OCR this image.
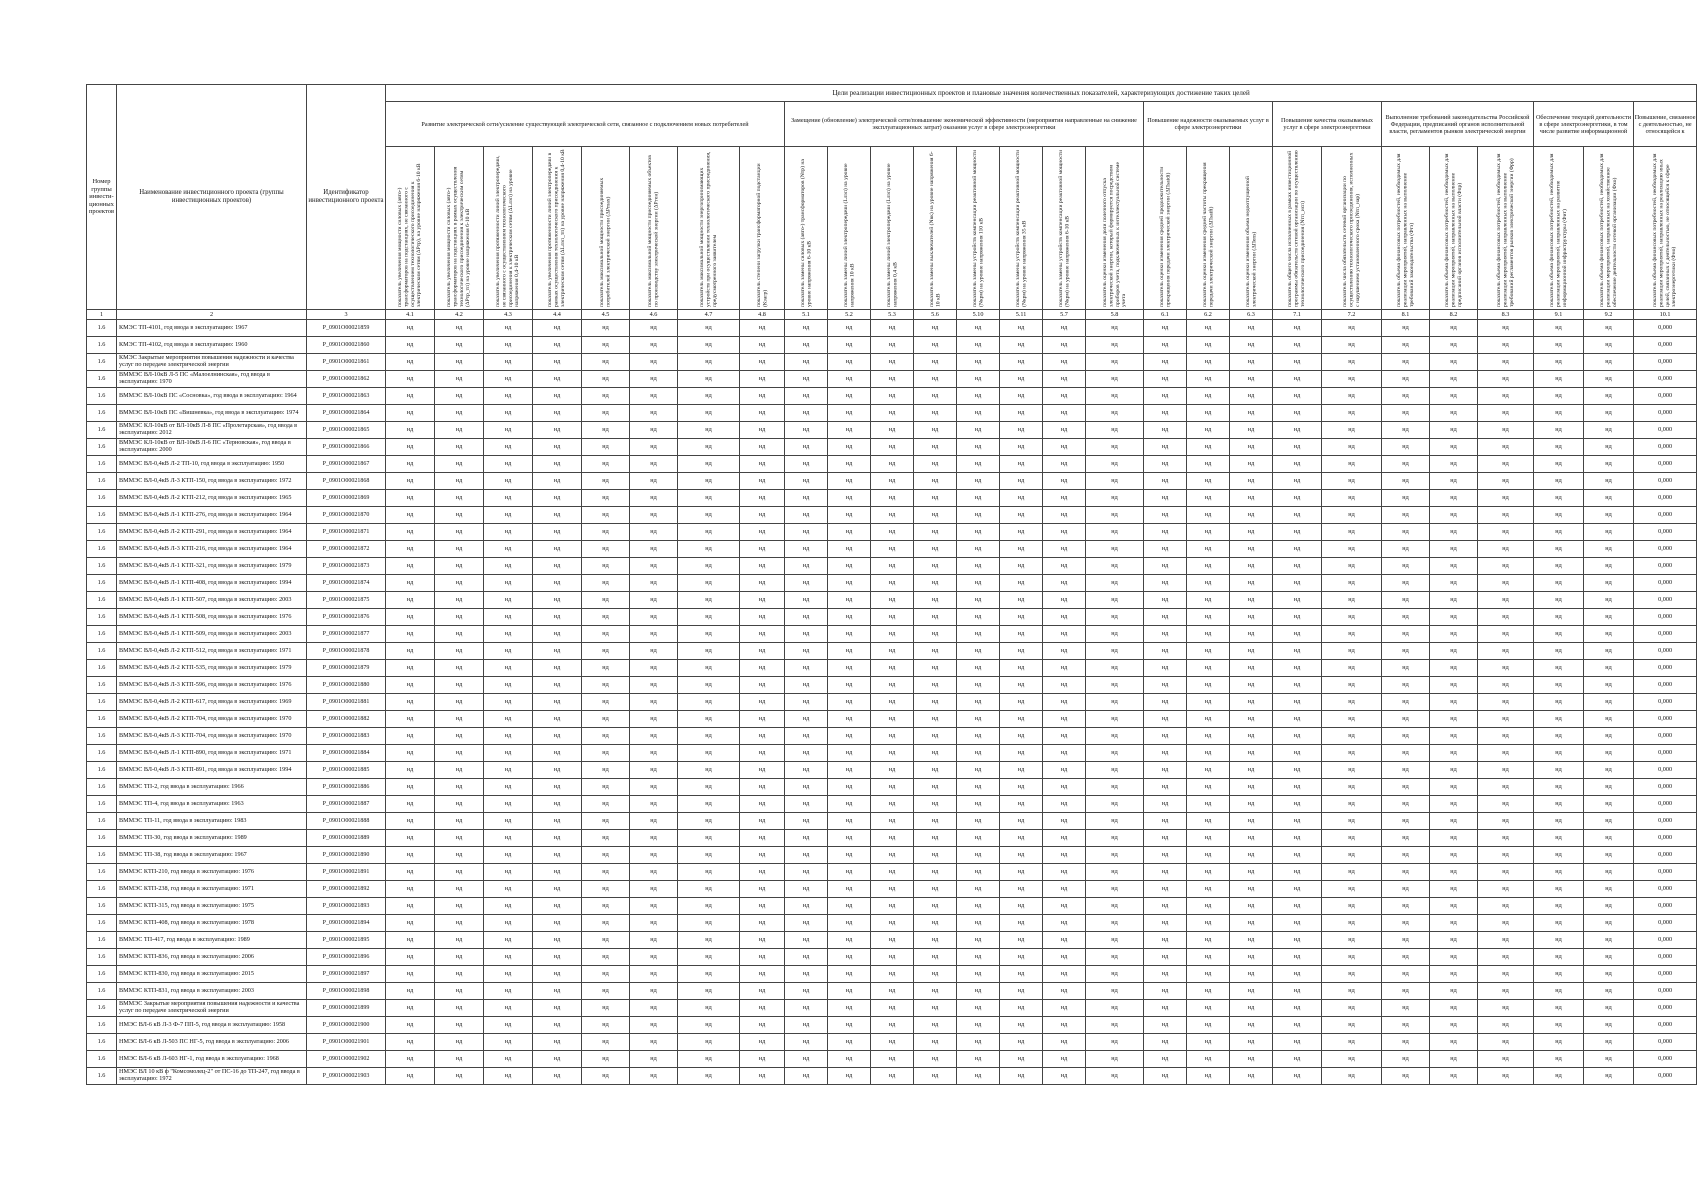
Номер группы инвести-ционных проектов	Наименование инвестиционного проекта (группы инвестиционных проектов)	Идентификатор инвестиционного проекта	Цели реализации инвестиционных проектов и плановые значения количественных показателей, характеризующих достижение таких целей																										
			Развитие электрической сети/усиление существующей электрической сети, связанное с подключением новых потребителей								Замещение (обновление) электрической сети/повышение экономической эффективности (мероприятия направленные на снижение эксплуатационных затрат) оказания услуг в сфере электроэнергетики								Повышение надежности оказываемых услуг в сфере электроэнергетики			Повышение качества оказываемых услуг в сфере электроэнергетики		Выполнение требований законодательства Российской Федерации, предписаний органов исполнительной власти, регламентов рынков электрической энергии			Обеспечение текущей деятельности в сфере электроэнергетики, в том числе развитие информационной		Повышение, связанное с деятельностью, не относящейся к
			показатель увеличения мощности силовых (авто-) трансформаторов на подстанциях, не связанного с осуществлением технологического присоединения к электрическим сетям (ΔPтр), на уровне напряжения 6-10 кВ	показатель увеличения мощности силовых (авто-) трансформаторов на подстанциях в рамках осуществления технологического присоединения к электрическим сетям (ΔPтр_тп) на уровне напряжения 6-10 кВ	показатель увеличения протяженности линий электропередачи, не связанного с осуществлением технологического присоединения к электрическим сетям (ΔLлэп) на уровне напряжения 0,4-10 кВ	показатель увеличения протяженности линий электропередачи в рамках осуществления технологического присоединения к электрическим сетям (ΔLлэп_тп) на уровне напряжения 0,4-10 кВ	показатель максимальной мощности присоединяемых потребителей электрической энергии (ΔPmax)	показатель максимальной мощности присоединяемых объектов по производству электрической энергии (ΔPген)	показатель максимальной мощности энергопринимающих устройств при осуществлении технологического присоединения, предусмотренного заявителем	показатель степени загрузки трансформаторной подстанции (Кзагр)	показатель замены силовых (авто-) трансформаторов (Nтр) на уровне напряжения 6-10 кВ	показатель замены линий электропередачи (Lлэп) на уровне напряжения 10 кВ	показатель замены линий электропередачи (Lлэп) на уровне напряжения 0,4 кВ	показатель замены выключателей (Nвк) на уровне напряжения 6-10 кВ	показатель замены устройств компенсации реактивной мощности (Nкрм) на уровне напряжения 110 кВ	показатель замены устройств компенсации реактивной мощности (Nкрм) на уровне напряжения 35 кВ	показатель замены устройств компенсации реактивной мощности (Nкрм) на уровне напряжения 6-10 кВ	показатель оценки изменения доли полезного отпуска электрической энергии, который формируется посредством приборов учета, подключенных к интеллектуальной системе учета	показатель оценки изменения средней продолжительности прекращения передачи электрической энергии (ΔПsaidi)	показатель оценки изменения средней частоты прекращения передачи электрической энергии (ΔПsaifi)	показатель оценки изменения объема недоотпущенной электрической энергии (ΔПens)	показатель общего числа исполненных в рамках инвестиционной программы обязательств сетевой организации по осуществлению технологического присоединения (Nтп_исп)	показатель числа обязательств сетевой организации по осуществлению технологического присоединения, исполненных с нарушением установленного срока (Nтп_нар)	показатель объема финансовых потребностей, необходимых для реализации мероприятий, направленных на выполнение требований законодательства (Фтз)	показатель объема финансовых потребностей, необходимых для реализации мероприятий, направленных на выполнение предписаний органов исполнительной власти (Фпр)	показатель объема финансовых потребностей, необходимых для реализации мероприятий, направленных на выполнение требований регламентов рынков электрической энергии (Фрр)	показатель объема финансовых потребностей, необходимых для реализации мероприятий, направленных на развитие информационной инфраструктуры (Фит)	показатель объема финансовых потребностей, необходимых для реализации мероприятий, направленных на хозяйственное обеспечение деятельности сетевой организации (Фхо)	показатель объема финансовых потребностей, необходимых для реализации мероприятий, направленных на реализацию иных целей, связанных с деятельностью, не относящейся к сфере электроэнергетики (Фно)
1	2	3	4.1	4.2	4.3	4.4	4.5	4.6	4.7	4.8	5.1	5.2	5.3	5.6	5.10	5.11	5.7	5.8	6.1	6.2	6.3	7.1	7.2	8.1	8.2	8.3	9.1	9.2	10.1
1.6	КМЭС ТП-4101, год ввода в эксплуатацию: 1967	P_0901O00021859	нд	нд	нд	нд	нд	нд	нд	нд	нд	нд	нд	нд	нд	нд	нд	нд	нд	нд	нд	нд	нд	нд	нд	нд	нд	нд	0,000
1.6	КМЭС ТП-4102, год ввода в эксплуатацию: 1960	P_0901O00021860	нд	нд	нд	нд	нд	нд	нд	нд	нд	нд	нд	нд	нд	нд	нд	нд	нд	нд	нд	нд	нд	нд	нд	нд	нд	нд	0,000
1.6	КМЭС Закрытые мероприятия повышения надежности и качества услуг по передаче электрической энергии	P_0901O00021861	нд	нд	нд	нд	нд	нд	нд	нд	нд	нд	нд	нд	нд	нд	нд	нд	нд	нд	нд	нд	нд	нд	нд	нд	нд	нд	0,000
1.6	ВММЭС ВЛ-10кВ Л-5 ПС «Малоелнинская», год ввода в эксплуатацию: 1970	P_0901O00021862	нд	нд	нд	нд	нд	нд	нд	нд	нд	нд	нд	нд	нд	нд	нд	нд	нд	нд	нд	нд	нд	нд	нд	нд	нд	нд	0,000
1.6	ВММЭС ВЛ-10кВ ПС «Сосновка», год ввода в эксплуатацию: 1964	P_0901O00021863	нд	нд	нд	нд	нд	нд	нд	нд	нд	нд	нд	нд	нд	нд	нд	нд	нд	нд	нд	нд	нд	нд	нд	нд	нд	нд	0,000
1.6	ВММЭС ВЛ-10кВ ПС «Вишневка», год ввода в эксплуатацию: 1974	P_0901O00021864	нд	нд	нд	нд	нд	нд	нд	нд	нд	нд	нд	нд	нд	нд	нд	нд	нд	нд	нд	нд	нд	нд	нд	нд	нд	нд	0,000
1.6	ВММЭС КЛ-10кВ от ВЛ-10кВ Л-8 ПС «Пролетарская», год ввода в эксплуатацию: 2012	P_0901O00021865	нд	нд	нд	нд	нд	нд	нд	нд	нд	нд	нд	нд	нд	нд	нд	нд	нд	нд	нд	нд	нд	нд	нд	нд	нд	нд	0,000
1.6	ВММЭС КЛ-10кВ от ВЛ-10кВ Л-6 ПС «Терновская», год ввода в эксплуатацию: 2000	P_0901O00021866	нд	нд	нд	нд	нд	нд	нд	нд	нд	нд	нд	нд	нд	нд	нд	нд	нд	нд	нд	нд	нд	нд	нд	нд	нд	нд	0,000
1.6	ВММЭС ВЛ-0,4кВ Л-2 ТП-10, год ввода в эксплуатацию: 1950	P_0901O00021867	нд	нд	нд	нд	нд	нд	нд	нд	нд	нд	нд	нд	нд	нд	нд	нд	нд	нд	нд	нд	нд	нд	нд	нд	нд	нд	0,000
1.6	ВММЭС ВЛ-0,4кВ Л-3 КТП-150, год ввода в эксплуатацию: 1972	P_0901O00021868	нд	нд	нд	нд	нд	нд	нд	нд	нд	нд	нд	нд	нд	нд	нд	нд	нд	нд	нд	нд	нд	нд	нд	нд	нд	нд	0,000
1.6	ВММЭС ВЛ-0,4кВ Л-2 КТП-212, год ввода в эксплуатацию: 1965	P_0901O00021869	нд	нд	нд	нд	нд	нд	нд	нд	нд	нд	нд	нд	нд	нд	нд	нд	нд	нд	нд	нд	нд	нд	нд	нд	нд	нд	0,000
1.6	ВММЭС ВЛ-0,4кВ Л-1 КТП-276, год ввода в эксплуатацию: 1964	P_0901O00021870	нд	нд	нд	нд	нд	нд	нд	нд	нд	нд	нд	нд	нд	нд	нд	нд	нд	нд	нд	нд	нд	нд	нд	нд	нд	нд	0,000
1.6	ВММЭС ВЛ-0,4кВ Л-2 КТП-291, год ввода в эксплуатацию: 1964	P_0901O00021871	нд	нд	нд	нд	нд	нд	нд	нд	нд	нд	нд	нд	нд	нд	нд	нд	нд	нд	нд	нд	нд	нд	нд	нд	нд	нд	0,000
1.6	ВММЭС ВЛ-0,4кВ Л-3 КТП-216, год ввода в эксплуатацию: 1964	P_0901O00021872	нд	нд	нд	нд	нд	нд	нд	нд	нд	нд	нд	нд	нд	нд	нд	нд	нд	нд	нд	нд	нд	нд	нд	нд	нд	нд	0,000
1.6	ВММЭС ВЛ-0,4кВ Л-1 КТП-321, год ввода в эксплуатацию: 1979	P_0901O00021873	нд	нд	нд	нд	нд	нд	нд	нд	нд	нд	нд	нд	нд	нд	нд	нд	нд	нд	нд	нд	нд	нд	нд	нд	нд	нд	0,000
1.6	ВММЭС ВЛ-0,4кВ Л-1 КТП-408, год ввода в эксплуатацию: 1994	P_0901O00021874	нд	нд	нд	нд	нд	нд	нд	нд	нд	нд	нд	нд	нд	нд	нд	нд	нд	нд	нд	нд	нд	нд	нд	нд	нд	нд	0,000
1.6	ВММЭС ВЛ-0,4кВ Л-1 КТП-507, год ввода в эксплуатацию: 2003	P_0901O00021875	нд	нд	нд	нд	нд	нд	нд	нд	нд	нд	нд	нд	нд	нд	нд	нд	нд	нд	нд	нд	нд	нд	нд	нд	нд	нд	0,000
1.6	ВММЭС ВЛ-0,4кВ Л-1 КТП-508, год ввода в эксплуатацию: 1976	P_0901O00021876	нд	нд	нд	нд	нд	нд	нд	нд	нд	нд	нд	нд	нд	нд	нд	нд	нд	нд	нд	нд	нд	нд	нд	нд	нд	нд	0,000
1.6	ВММЭС ВЛ-0,4кВ Л-1 КТП-509, год ввода в эксплуатацию: 2003	P_0901O00021877	нд	нд	нд	нд	нд	нд	нд	нд	нд	нд	нд	нд	нд	нд	нд	нд	нд	нд	нд	нд	нд	нд	нд	нд	нд	нд	0,000
1.6	ВММЭС ВЛ-0,4кВ Л-2 КТП-512, год ввода в эксплуатацию: 1971	P_0901O00021878	нд	нд	нд	нд	нд	нд	нд	нд	нд	нд	нд	нд	нд	нд	нд	нд	нд	нд	нд	нд	нд	нд	нд	нд	нд	нд	0,000
1.6	ВММЭС ВЛ-0,4кВ Л-2 КТП-535, год ввода в эксплуатацию: 1979	P_0901O00021879	нд	нд	нд	нд	нд	нд	нд	нд	нд	нд	нд	нд	нд	нд	нд	нд	нд	нд	нд	нд	нд	нд	нд	нд	нд	нд	0,000
1.6	ВММЭС ВЛ-0,4кВ Л-3 КТП-596, год ввода в эксплуатацию: 1976	P_0901O00021880	нд	нд	нд	нд	нд	нд	нд	нд	нд	нд	нд	нд	нд	нд	нд	нд	нд	нд	нд	нд	нд	нд	нд	нд	нд	нд	0,000
1.6	ВММЭС ВЛ-0,4кВ Л-2 КТП-617, год ввода в эксплуатацию: 1969	P_0901O00021881	нд	нд	нд	нд	нд	нд	нд	нд	нд	нд	нд	нд	нд	нд	нд	нд	нд	нд	нд	нд	нд	нд	нд	нд	нд	нд	0,000
1.6	ВММЭС ВЛ-0,4кВ Л-2 КТП-704, год ввода в эксплуатацию: 1970	P_0901O00021882	нд	нд	нд	нд	нд	нд	нд	нд	нд	нд	нд	нд	нд	нд	нд	нд	нд	нд	нд	нд	нд	нд	нд	нд	нд	нд	0,000
1.6	ВММЭС ВЛ-0,4кВ Л-3 КТП-704, год ввода в эксплуатацию: 1970	P_0901O00021883	нд	нд	нд	нд	нд	нд	нд	нд	нд	нд	нд	нд	нд	нд	нд	нд	нд	нд	нд	нд	нд	нд	нд	нд	нд	нд	0,000
1.6	ВММЭС ВЛ-0,4кВ Л-1 КТП-890, год ввода в эксплуатацию: 1971	P_0901O00021884	нд	нд	нд	нд	нд	нд	нд	нд	нд	нд	нд	нд	нд	нд	нд	нд	нд	нд	нд	нд	нд	нд	нд	нд	нд	нд	0,000
1.6	ВММЭС ВЛ-0,4кВ Л-3 КТП-891, год ввода в эксплуатацию: 1994	P_0901O00021885	нд	нд	нд	нд	нд	нд	нд	нд	нд	нд	нд	нд	нд	нд	нд	нд	нд	нд	нд	нд	нд	нд	нд	нд	нд	нд	0,000
1.6	ВММЭС ТП-2, год ввода в эксплуатацию: 1966	P_0901O00021886	нд	нд	нд	нд	нд	нд	нд	нд	нд	нд	нд	нд	нд	нд	нд	нд	нд	нд	нд	нд	нд	нд	нд	нд	нд	нд	0,000
1.6	ВММЭС ТП-4, год ввода в эксплуатацию: 1963	P_0901O00021887	нд	нд	нд	нд	нд	нд	нд	нд	нд	нд	нд	нд	нд	нд	нд	нд	нд	нд	нд	нд	нд	нд	нд	нд	нд	нд	0,000
1.6	ВММЭС ТП-11, год ввода в эксплуатацию: 1983	P_0901O00021888	нд	нд	нд	нд	нд	нд	нд	нд	нд	нд	нд	нд	нд	нд	нд	нд	нд	нд	нд	нд	нд	нд	нд	нд	нд	нд	0,000
1.6	ВММЭС ТП-30, год ввода в эксплуатацию: 1989	P_0901O00021889	нд	нд	нд	нд	нд	нд	нд	нд	нд	нд	нд	нд	нд	нд	нд	нд	нд	нд	нд	нд	нд	нд	нд	нд	нд	нд	0,000
1.6	ВММЭС ТП-38, год ввода в эксплуатацию: 1967	P_0901O00021890	нд	нд	нд	нд	нд	нд	нд	нд	нд	нд	нд	нд	нд	нд	нд	нд	нд	нд	нд	нд	нд	нд	нд	нд	нд	нд	0,000
1.6	ВММЭС КТП-210, год ввода в эксплуатацию: 1976	P_0901O00021891	нд	нд	нд	нд	нд	нд	нд	нд	нд	нд	нд	нд	нд	нд	нд	нд	нд	нд	нд	нд	нд	нд	нд	нд	нд	нд	0,000
1.6	ВММЭС КТП-238, год ввода в эксплуатацию: 1971	P_0901O00021892	нд	нд	нд	нд	нд	нд	нд	нд	нд	нд	нд	нд	нд	нд	нд	нд	нд	нд	нд	нд	нд	нд	нд	нд	нд	нд	0,000
1.6	ВММЭС КТП-315, год ввода в эксплуатацию: 1975	P_0901O00021893	нд	нд	нд	нд	нд	нд	нд	нд	нд	нд	нд	нд	нд	нд	нд	нд	нд	нд	нд	нд	нд	нд	нд	нд	нд	нд	0,000
1.6	ВММЭС КТП-408, год ввода в эксплуатацию: 1978	P_0901O00021894	нд	нд	нд	нд	нд	нд	нд	нд	нд	нд	нд	нд	нд	нд	нд	нд	нд	нд	нд	нд	нд	нд	нд	нд	нд	нд	0,000
1.6	ВММЭС ТП-417, год ввода в эксплуатацию: 1989	P_0901O00021895	нд	нд	нд	нд	нд	нд	нд	нд	нд	нд	нд	нд	нд	нд	нд	нд	нд	нд	нд	нд	нд	нд	нд	нд	нд	нд	0,000
1.6	ВММЭС КТП-836, год ввода в эксплуатацию: 2006	P_0901O00021896	нд	нд	нд	нд	нд	нд	нд	нд	нд	нд	нд	нд	нд	нд	нд	нд	нд	нд	нд	нд	нд	нд	нд	нд	нд	нд	0,000
1.6	ВММЭС КТП-830, год ввода в эксплуатацию: 2015	P_0901O00021897	нд	нд	нд	нд	нд	нд	нд	нд	нд	нд	нд	нд	нд	нд	нд	нд	нд	нд	нд	нд	нд	нд	нд	нд	нд	нд	0,000
1.6	ВММЭС КТП-831, год ввода в эксплуатацию: 2003	P_0901O00021898	нд	нд	нд	нд	нд	нд	нд	нд	нд	нд	нд	нд	нд	нд	нд	нд	нд	нд	нд	нд	нд	нд	нд	нд	нд	нд	0,000
1.6	ВММЭС Закрытые мероприятия повышения надежности и качества услуг по передаче электрической энергии	P_0901O00021899	нд	нд	нд	нд	нд	нд	нд	нд	нд	нд	нд	нд	нд	нд	нд	нд	нд	нд	нд	нд	нд	нд	нд	нд	нд	нд	0,000
1.6	НМЭС ВЛ-6 кВ Л-3 Ф-7 ПП-5, год ввода в эксплуатацию: 1958	P_0901O00021900	нд	нд	нд	нд	нд	нд	нд	нд	нд	нд	нд	нд	нд	нд	нд	нд	нд	нд	нд	нд	нд	нд	нд	нд	нд	нд	0,000
1.6	НМЭС ВЛ-6 кВ Л-503 ПС НГ-5, год ввода в эксплуатацию: 2006	P_0901O00021901	нд	нд	нд	нд	нд	нд	нд	нд	нд	нд	нд	нд	нд	нд	нд	нд	нд	нд	нд	нд	нд	нд	нд	нд	нд	нд	0,000
1.6	НМЭС ВЛ-6 кВ Л-603 НГ-1, год ввода в эксплуатацию: 1968	P_0901O00021902	нд	нд	нд	нд	нд	нд	нд	нд	нд	нд	нд	нд	нд	нд	нд	нд	нд	нд	нд	нд	нд	нд	нд	нд	нд	нд	0,000
1.6	НМЭС ВЛ 10 кВ ф "Комсомолец-2" от ПС-16 до ТП-247, год ввода в эксплуатацию: 1972	P_0901O00021903	нд	нд	нд	нд	нд	нд	нд	нд	нд	нд	нд	нд	нд	нд	нд	нд	нд	нд	нд	нд	нд	нд	нд	нд	нд	нд	0,000
